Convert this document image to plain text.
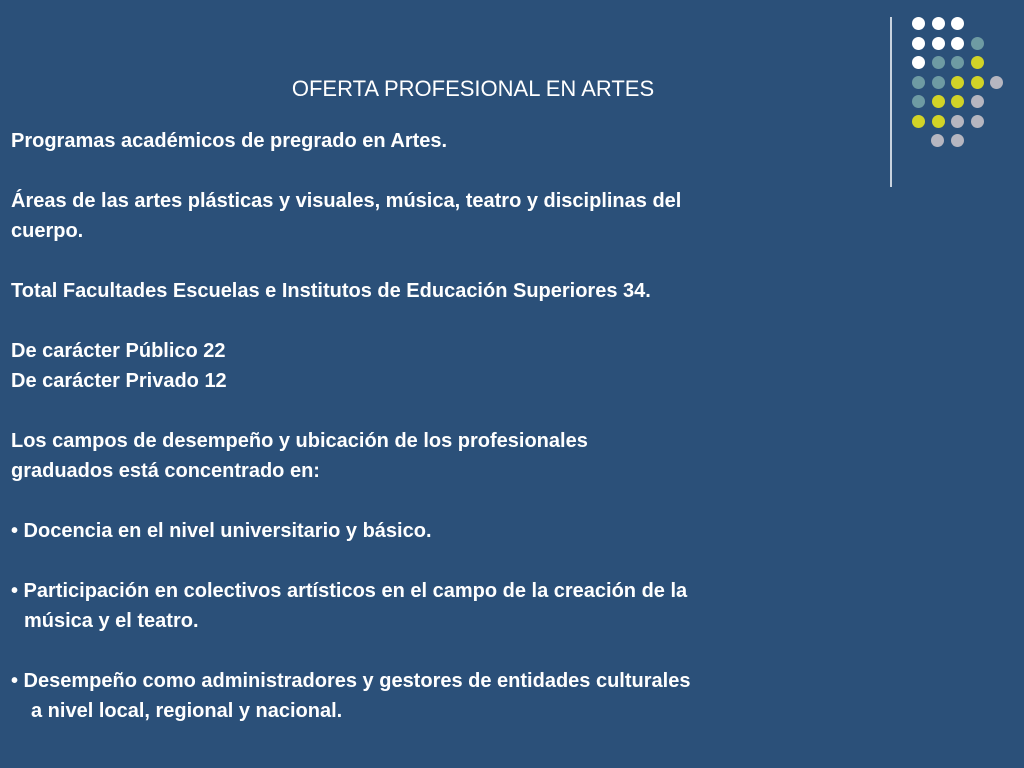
OFERTA PROFESIONAL EN ARTES

Programas académicos de pregrado en Artes.

Áreas de las artes plásticas y visuales, música, teatro y disciplinas del

cuerpo.

Total Facultades Escuelas e Institutos de Educación Superiores 34.

De carácter Público 22

De carácter Privado 12

Los campos de desempeño y ubicación de los profesionales

graduados está concentrado en:

• Docencia en el nivel universitario y básico.

• Participación en colectivos artísticos en el campo de la creación de la

música y el teatro.

• Desempeño como administradores y gestores de entidades culturales

a nivel local, regional y nacional.
